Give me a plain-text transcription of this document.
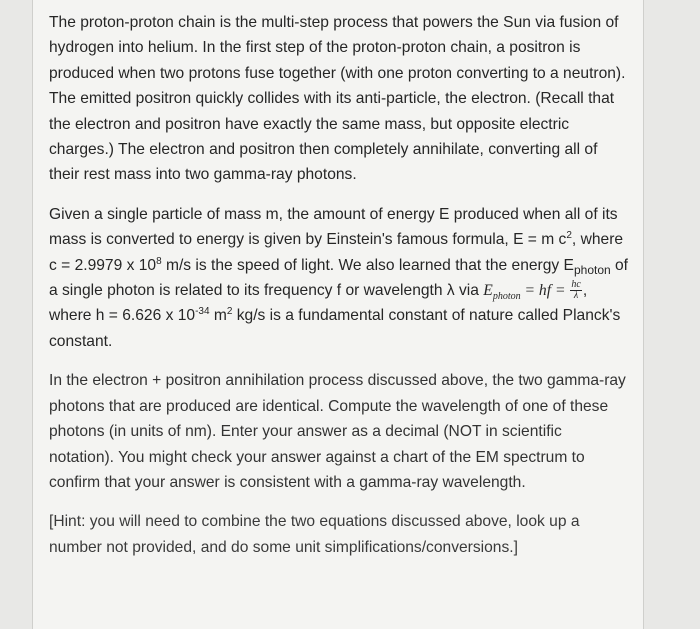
The proton-proton chain is the multi-step process that powers the Sun via fusion of hydrogen into helium. In the first step of the proton-proton chain, a positron is produced when two protons fuse together (with one proton converting to a neutron). The emitted positron quickly collides with its anti-particle, the electron. (Recall that the electron and positron have exactly the same mass, but opposite electric charges.) The electron and positron then completely annihilate, converting all of their rest mass into two gamma-ray photons.

Given a single particle of mass m, the amount of energy E produced when all of its mass is converted to energy is given by Einstein's famous formula, E = m $c^2$, where c = 2.9979 x $10^8$ m/s is the speed of light. We also learned that the energy $E_{photon}$ of a single photon is related to its frequency f or wavelength λ via $E_{photon}$ = hf = $\frac{hc}{\lambda}$ , where h = 6.626 x $10^{-34}$ $m^2$ kg/s is a fundamental constant of nature called Planck's constant.

In the electron + positron annihilation process discussed above, the two gamma-ray photons that are produced are identical. Compute the wavelength of one of these photons (in units of nm). Enter your answer as a decimal (NOT in scientific notation). You might check your answer against a chart of the EM spectrum to confirm that your answer is consistent with a gamma-ray wavelength.

[Hint: you will need to combine the two equations discussed above, look up a number not provided, and do some unit simplifications/conversions.]
